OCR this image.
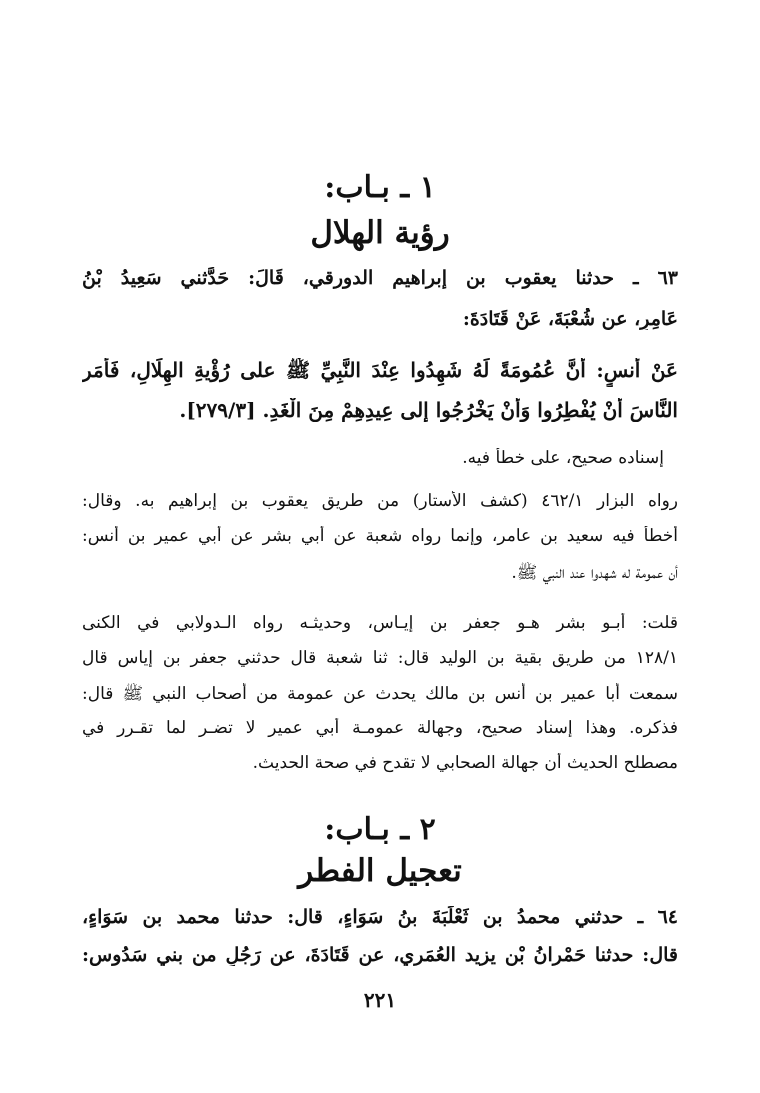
١ ـ بـاب:
رؤية الهلال
٦٣ ـ حدثنا يعقوب بن إبراهيم الدورقي، قَالَ: حَدَّثني سَعِيدُ بْنُ
عَامِرٍ، عن شُعْبَةَ، عَنْ قَتَادَةَ:
عَنْ أَنسٍ: أنَّ عُمُومَةً لَهُ شَهِدُوا عِنْدَ النَّبِيِّ ﷺ على رُؤْيةِ الهِلَالِ، فَأَمَر
النَّاسَ أَنْ يُفْطِرُوا وَأَنْ يَخْرُجُوا إلى عِيدِهِمْ مِنَ الْغَدِ. [٢٧٩/٣].
إسناده صحيح، على خطأ فيه.
رواه البزار ٤٦٢/١ (كشف الأستار) من طريق يعقوب بن إبراهيم به. وقال:
أخطأ فيه سعيد بن عامر، وإنما رواه شعبة عن أبي بشر عن أبي عمير بن أنس:
أن عمومة له شهدوا عند النبي ﷺ.
قلت: أبـو بشر هـو جعفر بن إيـاس، وحديثـه رواه الـدولابي في الكنى
١٢٨/١ من طريق بقية بن الوليد قال: ثنا شعبة قال حدثني جعفر بن إياس قال
سمعت أبا عمير بن أنس بن مالك يحدث عن عمومة من أصحاب النبي ﷺ قال:
فذكره. وهذا إسناد صحيح، وجهالة عمومـة أبي عمير لا تضـر لما تقـرر في
مصطلح الحديث أن جهالة الصحابي لا تقدح في صحة الحديث.
٢ ـ بـاب:
تعجيل الفطر
٦٤ ـ حدثني محمدُ بن ثَعْلَبَةَ بنُ سَوَاءٍ، قال: حدثنا محمد بن سَوَاءٍ،
قال: حدثنا حَمْرانُ بْن يزيد العُمَري، عن قَتَادَةَ، عن رَجُلٍ من بني سَدُوس:
٢٢١
